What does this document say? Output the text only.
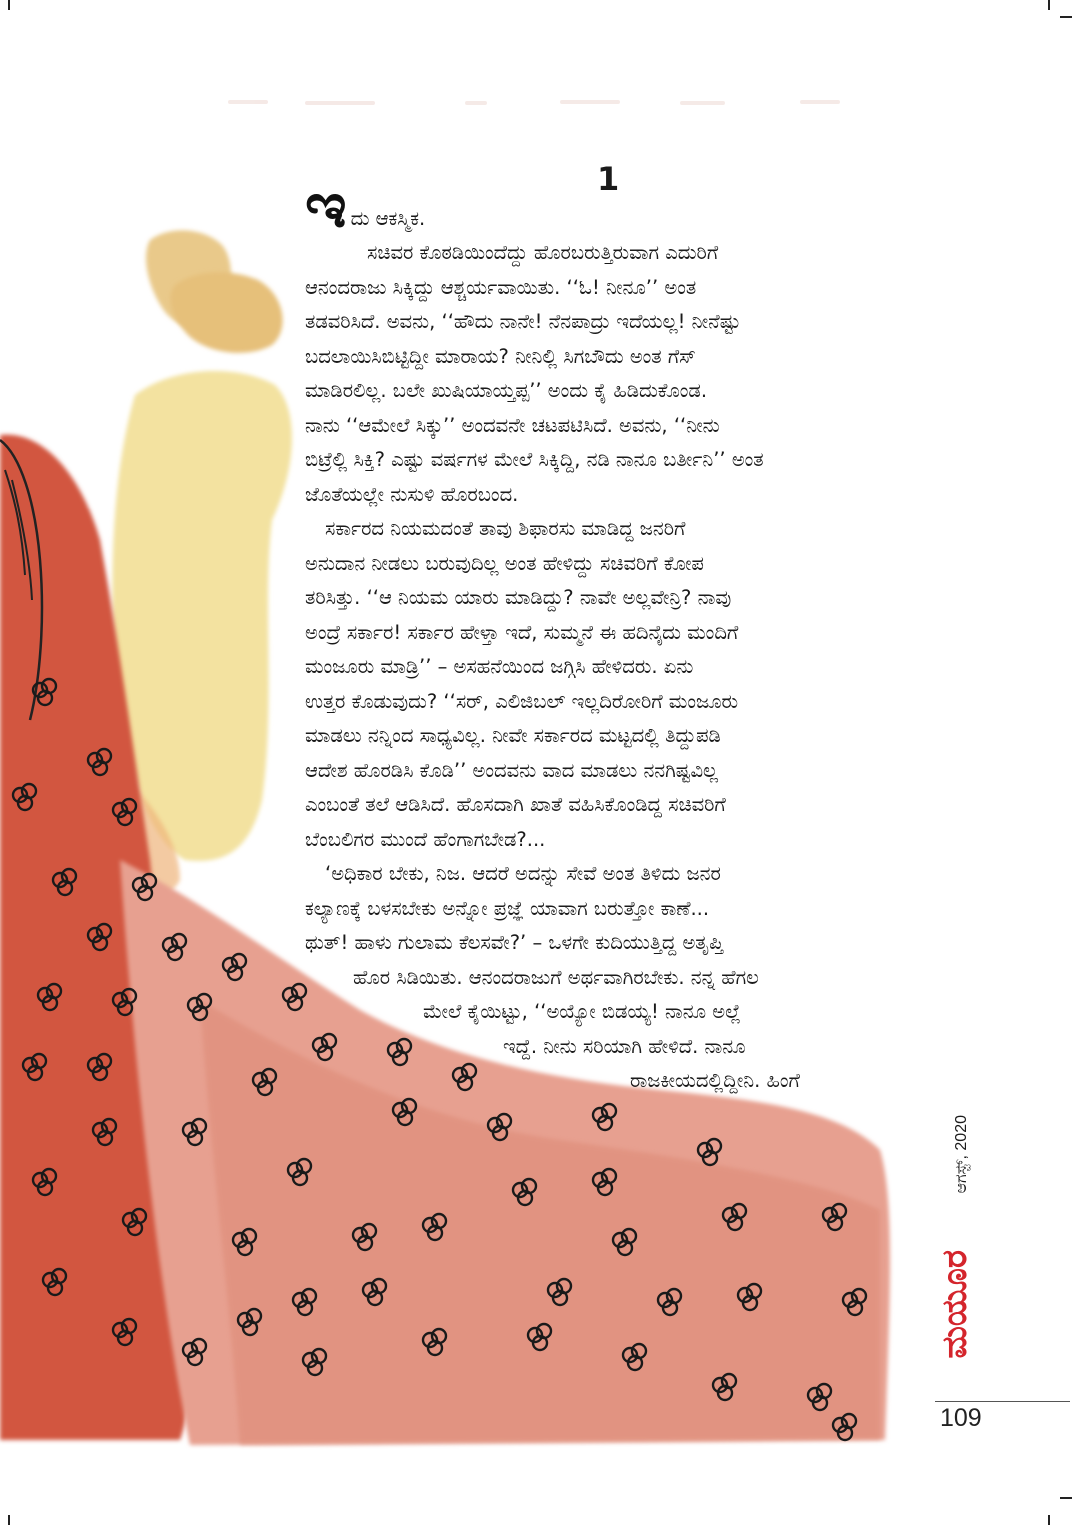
1
ಇ ದು ಆಕಸ್ಮಿಕ.
ಸಚಿವರ ಕೊಠಡಿಯಿಂದೆದ್ದು ಹೊರಬರುತ್ತಿರುವಾಗ ಎದುರಿಗೆ
ಆನಂದರಾಜು ಸಿಕ್ಕಿದ್ದು ಆಶ್ಚರ್ಯವಾಯಿತು. ‘‘ಓ! ನೀನೂ’’ ಅಂತ
ತಡವರಿಸಿದೆ. ಅವನು, ‘‘ಹೌದು ನಾನೇ! ನೆನಪಾದ್ರು ಇದೆಯಲ್ಲ! ನೀನೆಷ್ಟು
ಬದಲಾಯಿಸಿಬಿಟ್ಟಿದ್ದೀ ಮಾರಾಯ? ನೀನಿಲ್ಲಿ ಸಿಗಬೌದು ಅಂತ ಗೆಸ್
ಮಾಡಿರಲಿಲ್ಲ. ಬಲೇ ಖುಷಿಯಾಯ್ತಪ್ಪ’’ ಅಂದು ಕೈ ಹಿಡಿದುಕೊಂಡ.
ನಾನು ‘‘ಆಮೇಲೆ ಸಿಕ್ಕು’’ ಅಂದವನೇ ಚಟಪಟಿಸಿದೆ. ಅವನು, ‘‘ನೀನು
ಬಿಟ್ರೆಲ್ಲಿ ಸಿಕ್ತಿ? ಎಷ್ಟು ವರ್ಷಗಳ ಮೇಲೆ ಸಿಕ್ಕಿದ್ದಿ, ನಡಿ ನಾನೂ ಬರ್ತೀನಿ’’ ಅಂತ
ಜೊತೆಯಲ್ಲೇ ನುಸುಳಿ ಹೊರಬಂದ.
ಸರ್ಕಾರದ ನಿಯಮದಂತೆ ತಾವು ಶಿಫಾರಸು ಮಾಡಿದ್ದ ಜನರಿಗೆ
ಅನುದಾನ ನೀಡಲು ಬರುವುದಿಲ್ಲ ಅಂತ ಹೇಳಿದ್ದು ಸಚಿವರಿಗೆ ಕೋಪ
ತರಿಸಿತ್ತು. ‘‘ಆ ನಿಯಮ ಯಾರು ಮಾಡಿದ್ದು? ನಾವೇ ಅಲ್ಲವೇನ್ರಿ? ನಾವು
ಅಂದ್ರೆ ಸರ್ಕಾರ! ಸರ್ಕಾರ ಹೇಳ್ತಾ ಇದೆ, ಸುಮ್ಮನೆ ಈ ಹದಿನೈದು ಮಂದಿಗೆ
ಮಂಜೂರು ಮಾಡ್ರಿ’’ – ಅಸಹನೆಯಿಂದ ಜಗ್ಗಿಸಿ ಹೇಳಿದರು. ಏನು
ಉತ್ತರ ಕೊಡುವುದು? ‘‘ಸರ್, ಎಲಿಜಿಬಲ್ ಇಲ್ಲದಿರೋರಿಗೆ ಮಂಜೂರು
ಮಾಡಲು ನನ್ನಿಂದ ಸಾಧ್ಯವಿಲ್ಲ. ನೀವೇ ಸರ್ಕಾರದ ಮಟ್ಟದಲ್ಲಿ ತಿದ್ದುಪಡಿ
ಆದೇಶ ಹೊರಡಿಸಿ ಕೊಡಿ’’ ಅಂದವನು ವಾದ ಮಾಡಲು ನನಗಿಷ್ಟವಿಲ್ಲ
ಎಂಬಂತೆ ತಲೆ ಆಡಿಸಿದೆ. ಹೊಸದಾಗಿ ಖಾತೆ ವಹಿಸಿಕೊಂಡಿದ್ದ ಸಚಿವರಿಗೆ
ಬೆಂಬಲಿಗರ ಮುಂದೆ ಹೆಂಗಾಗಬೇಡ?...
‘ಅಧಿಕಾರ ಬೇಕು, ನಿಜ. ಆದರೆ ಅದನ್ನು ಸೇವೆ ಅಂತ ತಿಳಿದು ಜನರ
ಕಲ್ಯಾಣಕ್ಕೆ ಬಳಸಬೇಕು ಅನ್ನೋ ಪ್ರಜ್ಞೆ ಯಾವಾಗ ಬರುತ್ತೋ ಕಾಣೆ...
ಥುತ್! ಹಾಳು ಗುಲಾಮ ಕೆಲಸವೇ?’ – ಒಳಗೇ ಕುದಿಯುತ್ತಿದ್ದ ಅತೃಪ್ತಿ
ಹೊರ ಸಿಡಿಯಿತು. ಆನಂದರಾಜುಗೆ ಅರ್ಥವಾಗಿರಬೇಕು. ನನ್ನ ಹೆಗಲ
ಮೇಲೆ ಕೈಯಿಟ್ಟು, ‘‘ಅಯ್ಯೋ ಬಿಡಯ್ಯ! ನಾನೂ ಅಲ್ಲೆ
ಇದ್ದೆ. ನೀನು ಸರಿಯಾಗಿ ಹೇಳಿದೆ. ನಾನೂ
ರಾಜಕೀಯದಲ್ಲಿದ್ದೀನಿ. ಹಿಂಗೆ
ಆಗಸ್ಟ್, 2020
ಮಯೂರ
109
